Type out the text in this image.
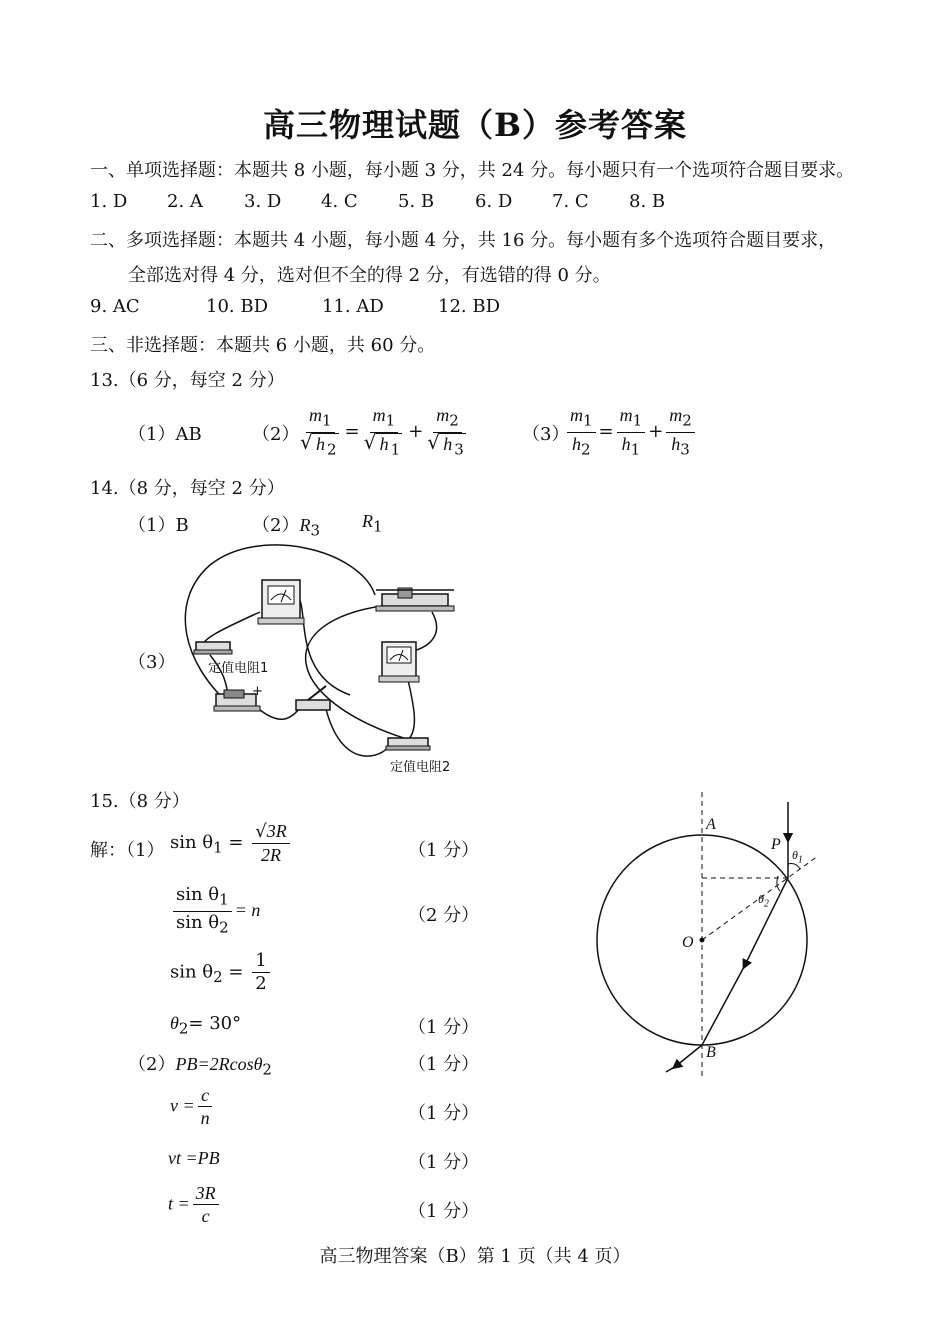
高三物理试题（B）参考答案
一、单项选择题：本题共 8 小题，每小题 3 分，共 24 分。每小题只有一个选项符合题目要求。
1. D 2. A 3. D 4. C 5. B 6. D 7. C 8. B
二、多项选择题：本题共 4 小题，每小题 4 分，共 16 分。每小题有多个选项符合题目要求，
全部选对得 4 分，选对但不全的得 2 分，有选错的得 0 分。
9. AC	10. BD	11. AD	12. BD
三、非选择题：本题共 6 小题，共 60 分。
13.（6 分，每空 2 分）
（1）AB	（2） $m_1$
√ h $_2 = m_1$
√ h $_1 + m_2$
√ h $_3$	（3）
$\frac{m_1}{h_2} = \frac{m_1}{h_1} + \frac{m_2}{h_3}$
14.（8 分，每空 2 分）
（1）B	$(2)R_3$ $R_1$
（3）	定值电阻1
+
定值电阻2
15.（8 分）
解：（1） $\sin \theta_1 = \frac{√3R}{2R}$	（1 分）
$\frac{\sin \theta_1}{\sin \theta_2} = n$	（2 分）
$\sin \theta_2 = \frac{1}{2}$
$\theta_2= 30^\circ$	（1 分）
（2）PB=2Rcosθ$_2$	（1 分）
$v = \frac{c}{n}$	（1 分）
vt =PB	（1 分）
$t = \frac{3R}{c}$	（1 分）
A
B
O
P
$\theta_1$
$\theta_2$
高三物理答案（B）第 1 页（共 4 页）
